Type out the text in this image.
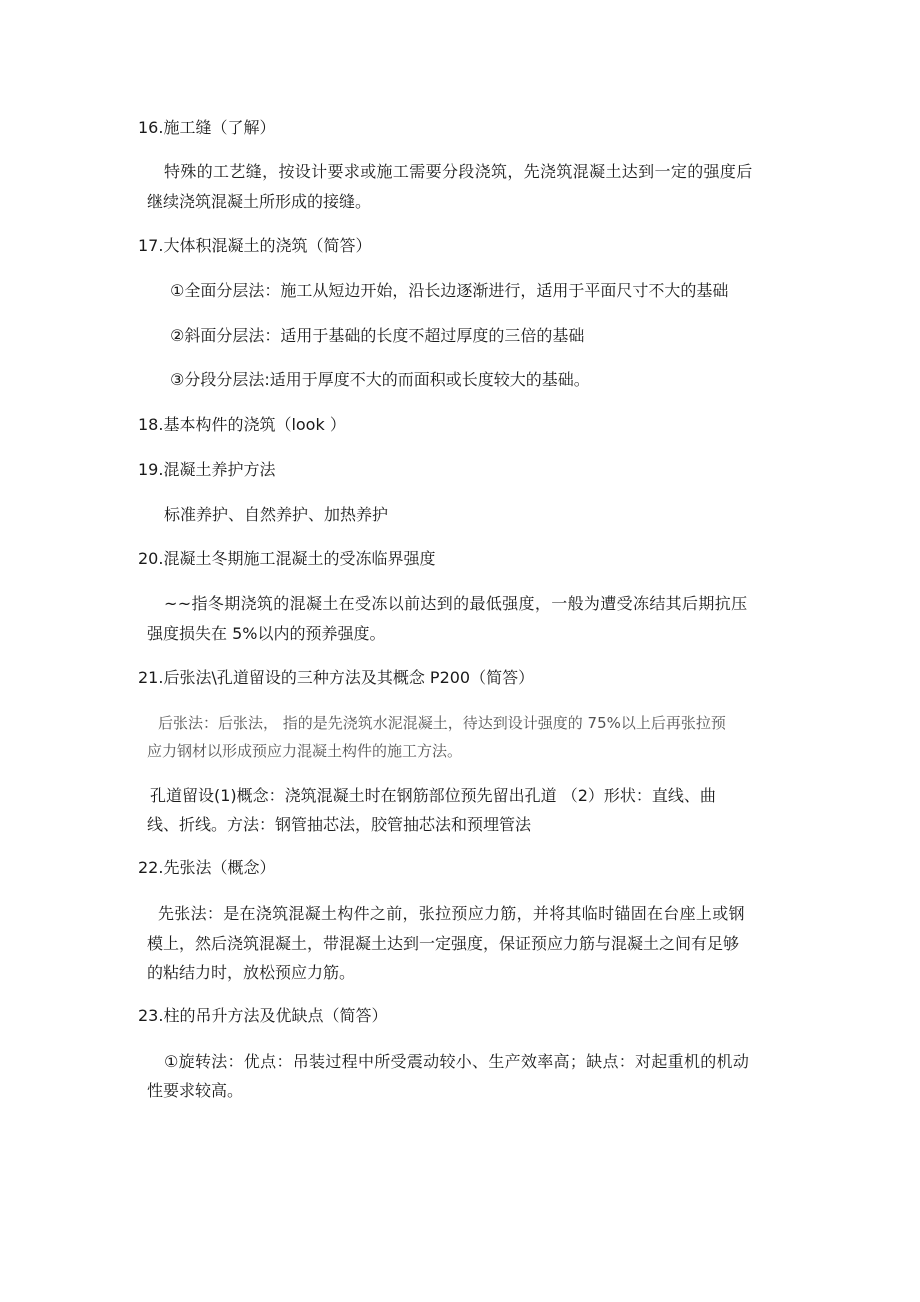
16.施工缝（了解）

特殊的工艺缝，按设计要求或施工需要分段浇筑，先浇筑混凝土达到一定的强度后

继续浇筑混凝土所形成的接缝。

17.大体积混凝土的浇筑（简答）

①全面分层法：施工从短边开始，沿长边逐渐进行，适用于平面尺寸不大的基础

②斜面分层法：适用于基础的长度不超过厚度的三倍的基础

③分段分层法:适用于厚度不大的而面积或长度较大的基础。

18.基本构件的浇筑（look ）

19.混凝土养护方法

标准养护、自然养护、加热养护

20.混凝土冬期施工混凝土的受冻临界强度

~~指冬期浇筑的混凝土在受冻以前达到的最低强度，一般为遭受冻结其后期抗压

强度损失在 5%以内的预养强度。

21.后张法\孔道留设的三种方法及其概念 P200（简答）

后张法：后张法， 指的是先浇筑水泥混凝土，待达到设计强度的 75%以上后再张拉预

应力钢材以形成预应力混凝土构件的施工方法。

孔道留设(1)概念：浇筑混凝土时在钢筋部位预先留出孔道 （2）形状：直线、曲

线、折线。方法：钢管抽芯法，胶管抽芯法和预埋管法

22.先张法（概念）

先张法：是在浇筑混凝土构件之前，张拉预应力筋，并将其临时锚固在台座上或钢

模上，然后浇筑混凝土，带混凝土达到一定强度，保证预应力筋与混凝土之间有足够

的粘结力时，放松预应力筋。

23.柱的吊升方法及优缺点（简答）

①旋转法：优点：吊装过程中所受震动较小、生产效率高；缺点：对起重机的机动

性要求较高。
